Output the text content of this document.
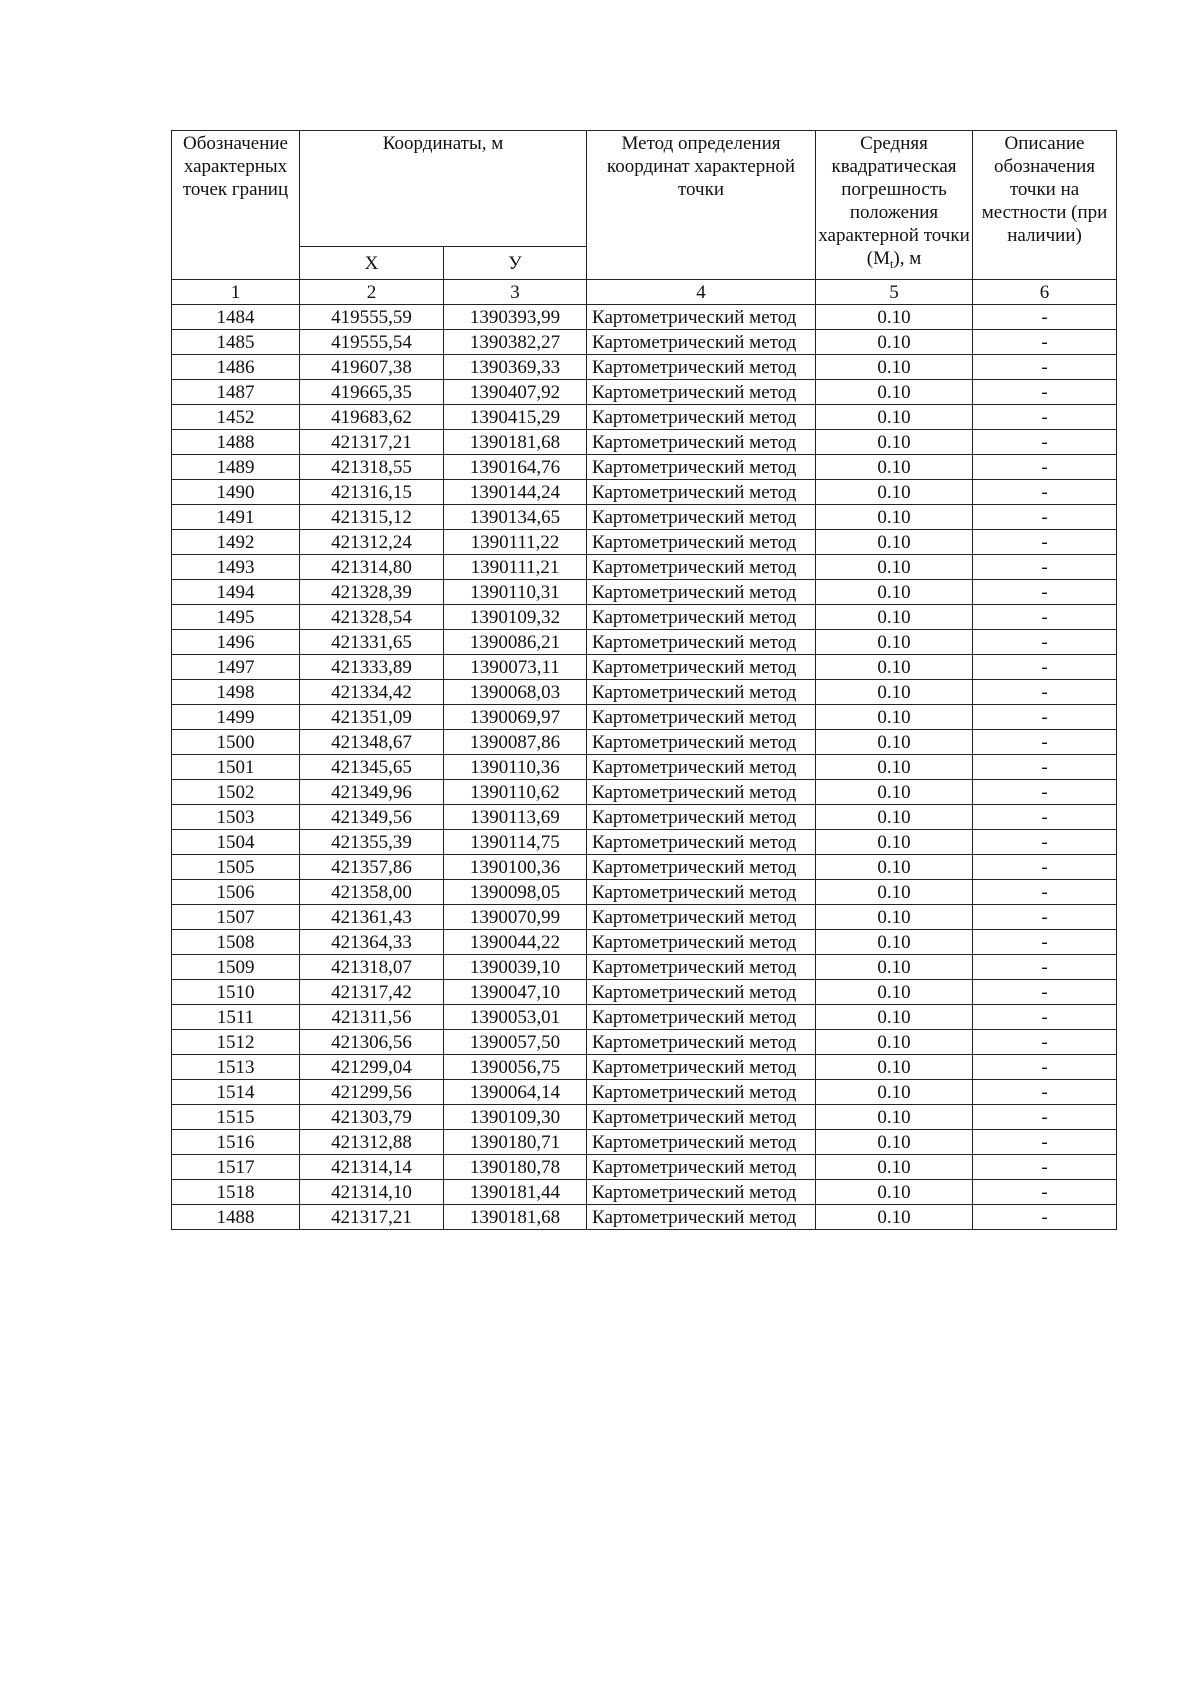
Обозначение характерных точек границ	Координаты, м		Метод определения координат характерной точки	Средняя квадратическая погрешность положения характерной точки $(M_t)$, м	Описание обозначения точки на местности (при наличии)
	X	У			
1	2	3	4	5	6
1484	419555,59	1390393,99	Картометрический метод	0.10	-
1485	419555,54	1390382,27	Картометрический метод	0.10	-
1486	419607,38	1390369,33	Картометрический метод	0.10	-
1487	419665,35	1390407,92	Картометрический метод	0.10	-
1452	419683,62	1390415,29	Картометрический метод	0.10	-
1488	421317,21	1390181,68	Картометрический метод	0.10	-
1489	421318,55	1390164,76	Картометрический метод	0.10	-
1490	421316,15	1390144,24	Картометрический метод	0.10	-
1491	421315,12	1390134,65	Картометрический метод	0.10	-
1492	421312,24	1390111,22	Картометрический метод	0.10	-
1493	421314,80	1390111,21	Картометрический метод	0.10	-
1494	421328,39	1390110,31	Картометрический метод	0.10	-
1495	421328,54	1390109,32	Картометрический метод	0.10	-
1496	421331,65	1390086,21	Картометрический метод	0.10	-
1497	421333,89	1390073,11	Картометрический метод	0.10	-
1498	421334,42	1390068,03	Картометрический метод	0.10	-
1499	421351,09	1390069,97	Картометрический метод	0.10	-
1500	421348,67	1390087,86	Картометрический метод	0.10	-
1501	421345,65	1390110,36	Картометрический метод	0.10	-
1502	421349,96	1390110,62	Картометрический метод	0.10	-
1503	421349,56	1390113,69	Картометрический метод	0.10	-
1504	421355,39	1390114,75	Картометрический метод	0.10	-
1505	421357,86	1390100,36	Картометрический метод	0.10	-
1506	421358,00	1390098,05	Картометрический метод	0.10	-
1507	421361,43	1390070,99	Картометрический метод	0.10	-
1508	421364,33	1390044,22	Картометрический метод	0.10	-
1509	421318,07	1390039,10	Картометрический метод	0.10	-
1510	421317,42	1390047,10	Картометрический метод	0.10	-
1511	421311,56	1390053,01	Картометрический метод	0.10	-
1512	421306,56	1390057,50	Картометрический метод	0.10	-
1513	421299,04	1390056,75	Картометрический метод	0.10	-
1514	421299,56	1390064,14	Картометрический метод	0.10	-
1515	421303,79	1390109,30	Картометрический метод	0.10	-
1516	421312,88	1390180,71	Картометрический метод	0.10	-
1517	421314,14	1390180,78	Картометрический метод	0.10	-
1518	421314,10	1390181,44	Картометрический метод	0.10	-
1488	421317,21	1390181,68	Картометрический метод	0.10	-
